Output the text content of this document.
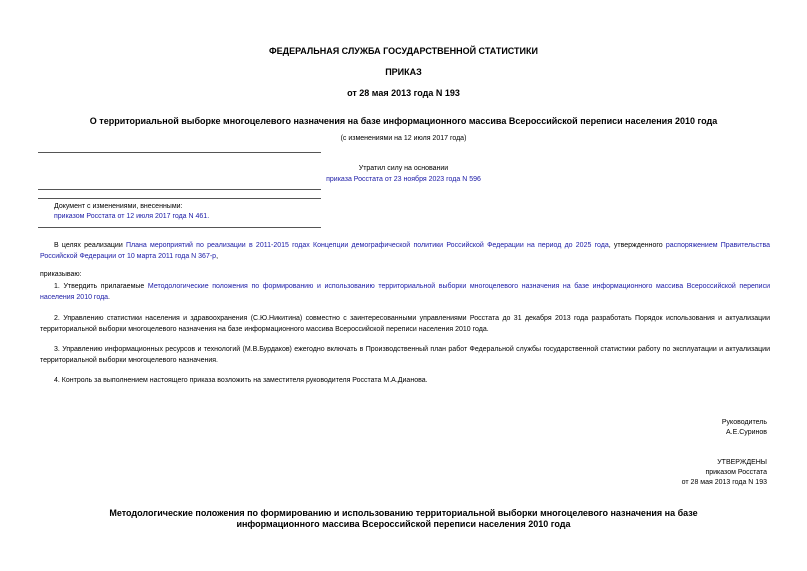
ФЕДЕРАЛЬНАЯ СЛУЖБА ГОСУДАРСТВЕННОЙ СТАТИСТИКИ
ПРИКАЗ
от 28 мая 2013 года N 193
О территориальной выборке многоцелевого назначения на базе информационного массива Всероссийской переписи населения 2010 года
(с изменениями на 12 июля 2017 года)
Утратил силу на основании
приказа Росстата от 23 ноября 2023 года N 596
Документ с изменениями, внесенными:
приказом Росстата от 12 июля 2017 года N 461.
В целях реализации Плана мероприятий по реализации в 2011-2015 годах Концепции демографической политики Российской Федерации на период до 2025 года, утвержденного распоряжением Правительства Российской Федерации от 10 марта 2011 года N 367-р,
приказываю:
1. Утвердить прилагаемые Методологические положения по формированию и использованию территориальной выборки многоцелевого назначения на базе информационного массива Всероссийской переписи населения 2010 года.
2. Управлению статистики населения и здравоохранения (С.Ю.Никитина) совместно с заинтересованными управлениями Росстата до 31 декабря 2013 года разработать Порядок использования и актуализации территориальной выборки многоцелевого назначения на базе информационного массива Всероссийской переписи населения 2010 года.
3. Управлению информационных ресурсов и технологий (М.В.Бурдаков) ежегодно включать в Производственный план работ Федеральной службы государственной статистики работу по эксплуатации и актуализации территориальной выборки многоцелевого назначения.
4. Контроль за выполнением настоящего приказа возложить на заместителя руководителя Росстата М.А.Дианова.
Руководитель
А.Е.Суринов
УТВЕРЖДЕНЫ
приказом Росстата
от 28 мая 2013 года N 193
Методологические положения по формированию и использованию территориальной выборки многоцелевого назначения на базе информационного массива Всероссийской переписи населения 2010 года
